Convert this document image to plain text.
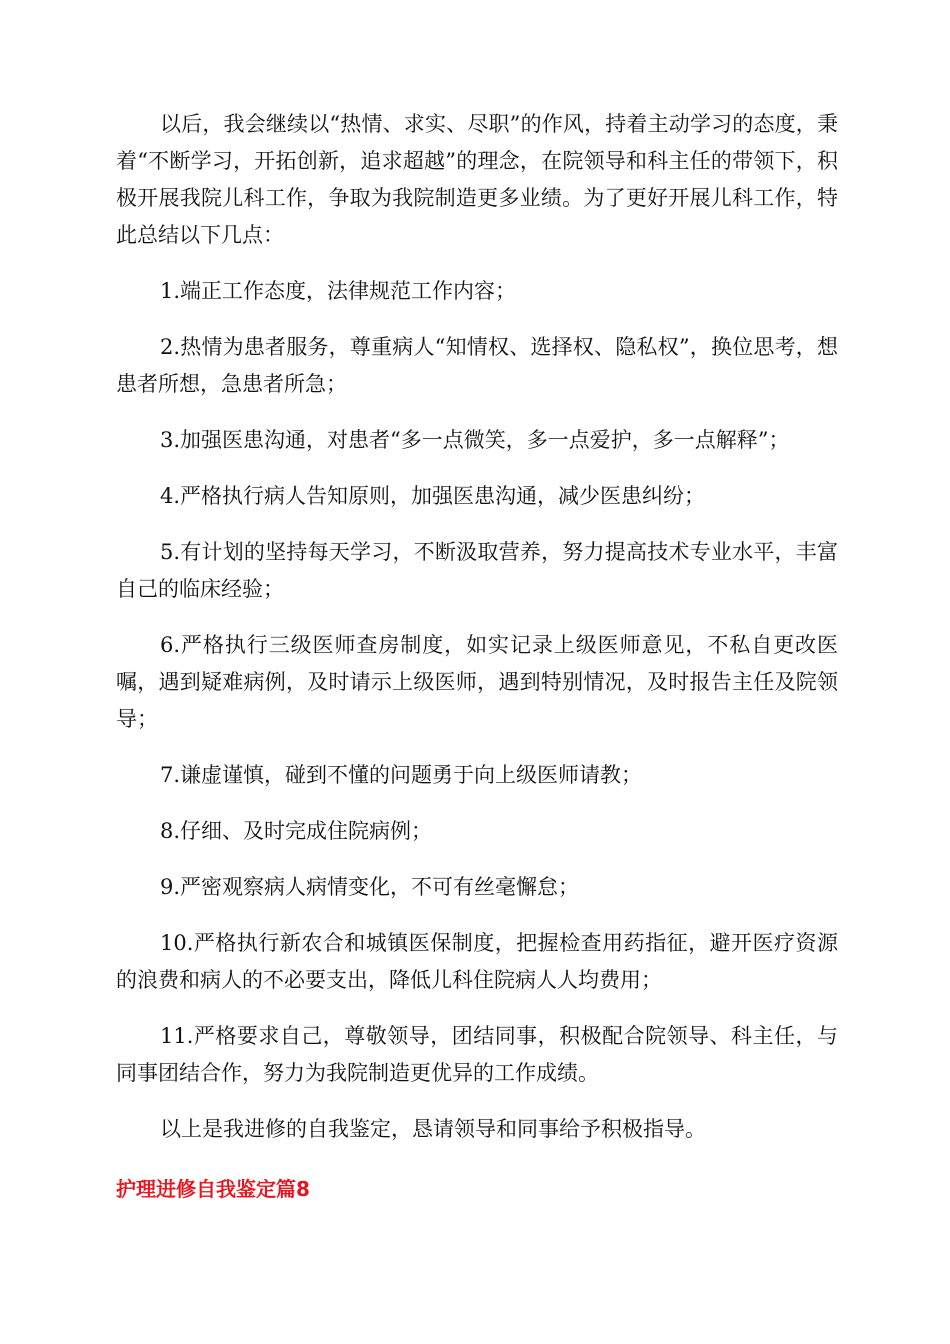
以后，我会继续以“热情、求实、尽职”的作风，持着主动学习的态度，秉着“不断学习，开拓创新，追求超越”的理念，在院领导和科主任的带领下，积极开展我院儿科工作，争取为我院制造更多业绩。为了更好开展儿科工作，特此总结以下几点：

1.端正工作态度，法律规范工作内容；

2.热情为患者服务，尊重病人“知情权、选择权、隐私权”，换位思考，想患者所想，急患者所急；

3.加强医患沟通，对患者“多一点微笑，多一点爱护，多一点解释”；

4.严格执行病人告知原则，加强医患沟通，减少医患纠纷；

5.有计划的坚持每天学习，不断汲取营养，努力提高技术专业水平，丰富自己的临床经验；

6.严格执行三级医师查房制度，如实记录上级医师意见，不私自更改医嘱，遇到疑难病例，及时请示上级医师，遇到特别情况，及时报告主任及院领导；

7.谦虚谨慎，碰到不懂的问题勇于向上级医师请教；

8.仔细、及时完成住院病例；

9.严密观察病人病情变化，不可有丝毫懈怠；

10.严格执行新农合和城镇医保制度，把握检查用药指征，避开医疗资源的浪费和病人的不必要支出，降低儿科住院病人人均费用；

11.严格要求自己，尊敬领导，团结同事，积极配合院领导、科主任，与同事团结合作，努力为我院制造更优异的工作成绩。

以上是我进修的自我鉴定，恳请领导和同事给予积极指导。

护理进修自我鉴定篇8
